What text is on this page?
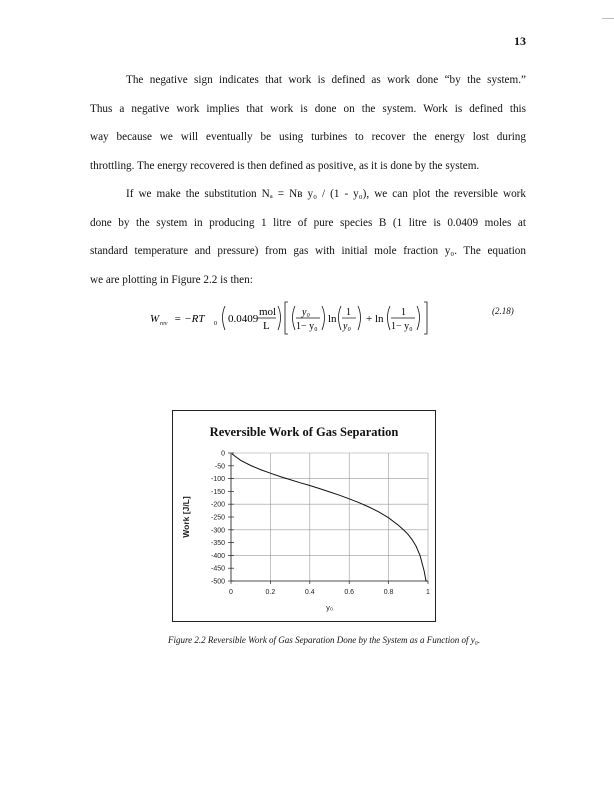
13
The negative sign indicates that work is defined as work done “by the system.”
Thus a negative work implies that work is done on the system. Work is defined this
way because we will eventually be using turbines to recover the energy lost during
throttling. The energy recovered is then defined as positive, as it is done by the system.
If we make the substitution Nₐ = Nʙ y₀ / (1 - y₀), we can plot the reversible work
done by the system in producing 1 litre of pure species B (1 litre is 0.0409 moles at
standard temperature and pressure) from gas with initial mole fraction y₀. The equation
we are plotting in Figure 2.2 is then:
W rev = −RT 0 0.0409
mol
L
y₀
1− y₀
ln
1
y₀
+ ln
1
1− y₀
(2.18)
Reversible Work of Gas Separation
0
-50
-100
-150
-200
-250
-300
-350
-400
-450
-500
0	0.2	0.4	0.6	0.8	1
y₀
Work [J/L]
Figure 2.2 Reversible Work of Gas Separation Done by the System as a Function of y₀.
